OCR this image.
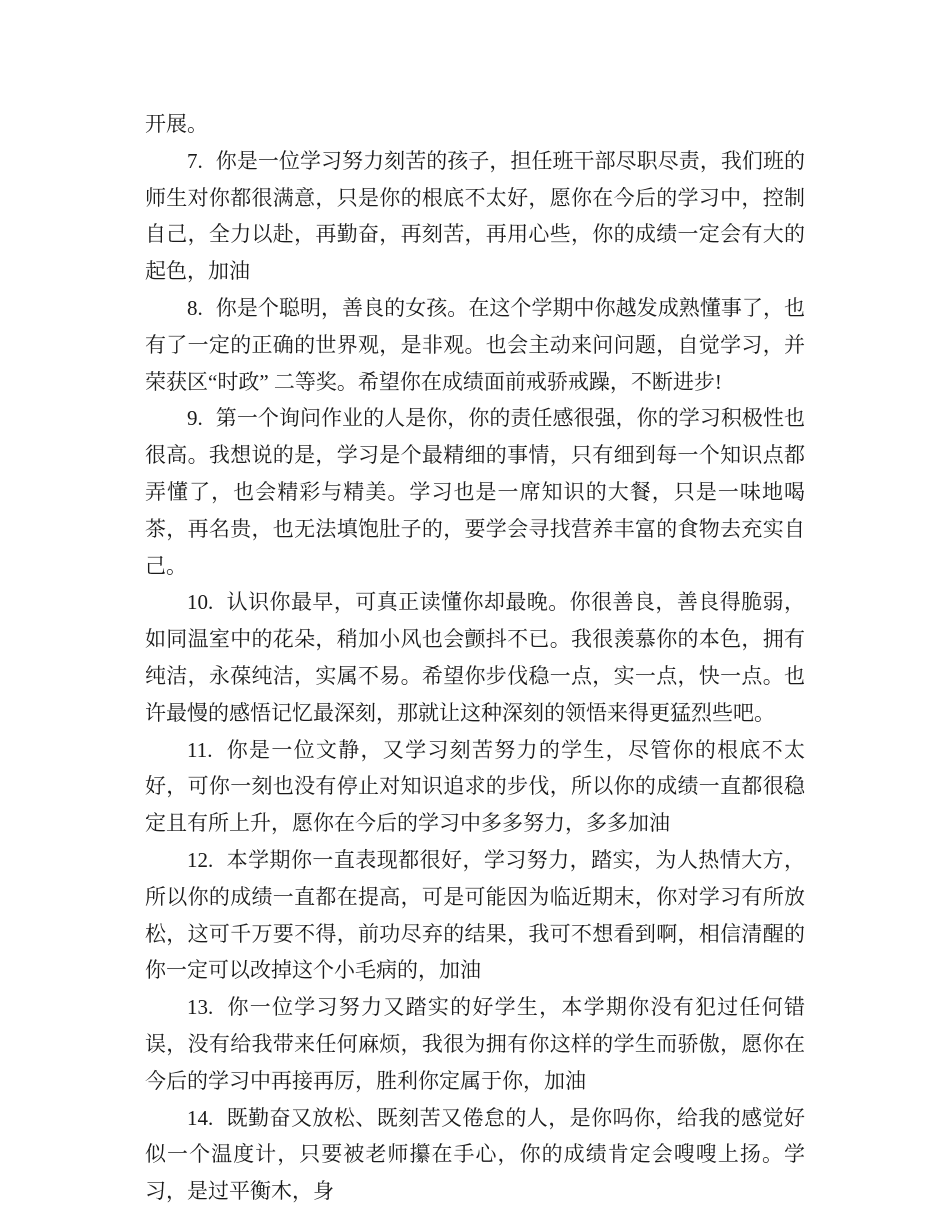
开展。

7. 你是一位学习努力刻苦的孩子，担任班干部尽职尽责，我们班的师生对你都很满意，只是你的根底不太好，愿你在今后的学习中，控制自己，全力以赴，再勤奋，再刻苦，再用心些，你的成绩一定会有大的起色，加油

8. 你是个聪明，善良的女孩。在这个学期中你越发成熟懂事了，也有了一定的正确的世界观，是非观。也会主动来问问题，自觉学习，并荣获区“时政” 二等奖。希望你在成绩面前戒骄戒躁，不断进步!

9. 第一个询问作业的人是你，你的责任感很强，你的学习积极性也很高。我想说的是，学习是个最精细的事情，只有细到每一个知识点都弄懂了，也会精彩与精美。学习也是一席知识的大餐，只是一味地喝茶，再名贵，也无法填饱肚子的，要学会寻找营养丰富的食物去充实自己。

10. 认识你最早，可真正读懂你却最晚。你很善良，善良得脆弱，如同温室中的花朵，稍加小风也会颤抖不已。我很羡慕你的本色，拥有纯洁，永葆纯洁，实属不易。希望你步伐稳一点，实一点，快一点。也许最慢的感悟记忆最深刻，那就让这种深刻的领悟来得更猛烈些吧。

11. 你是一位文静，又学习刻苦努力的学生，尽管你的根底不太好，可你一刻也没有停止对知识追求的步伐，所以你的成绩一直都很稳定且有所上升，愿你在今后的学习中多多努力，多多加油

12. 本学期你一直表现都很好，学习努力，踏实，为人热情大方，所以你的成绩一直都在提高，可是可能因为临近期末，你对学习有所放松，这可千万要不得，前功尽弃的结果，我可不想看到啊，相信清醒的你一定可以改掉这个小毛病的，加油

13. 你一位学习努力又踏实的好学生，本学期你没有犯过任何错误，没有给我带来任何麻烦，我很为拥有你这样的学生而骄傲，愿你在今后的学习中再接再厉，胜利你定属于你，加油

14. 既勤奋又放松、既刻苦又倦怠的人，是你吗你，给我的感觉好似一个温度计，只要被老师攥在手心，你的成绩肯定会嗖嗖上扬。学习，是过平衡木，身
